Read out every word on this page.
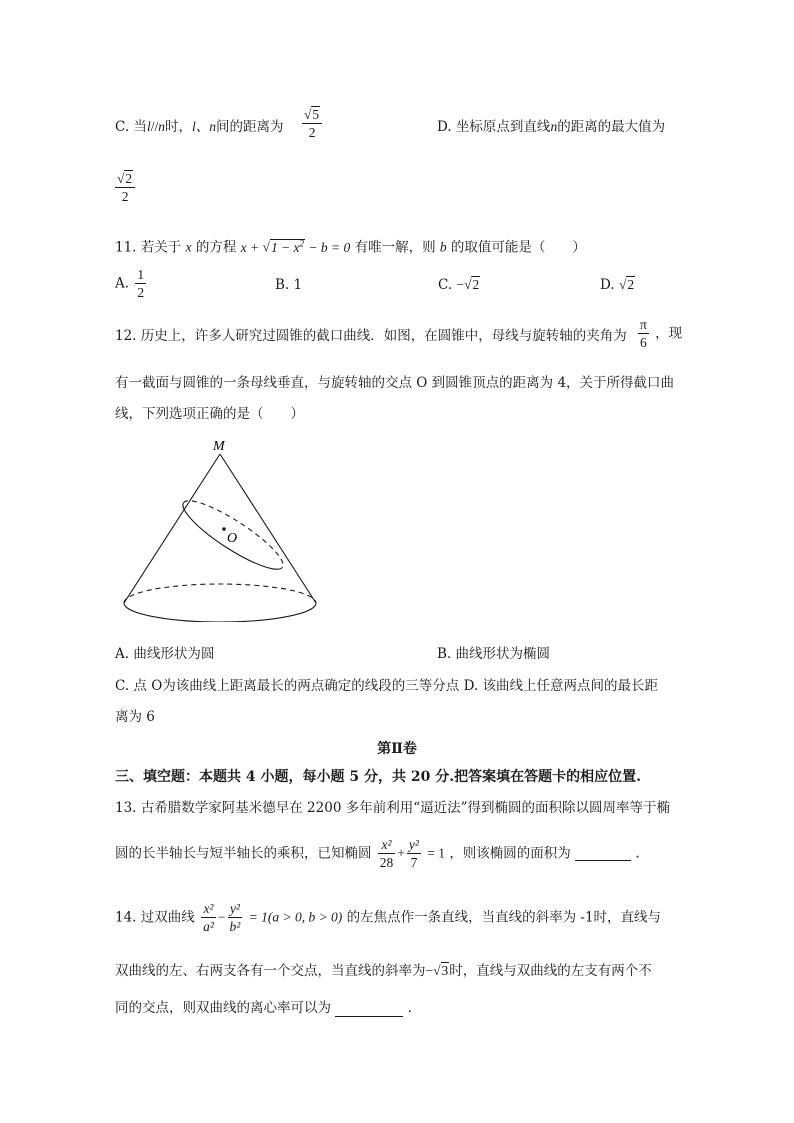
C. 当l//n时，l、n间的距离为 $\frac{√5}{2}$	D. 坐标原点到直线n的距离的最大值为
$\frac{√2}{2}$
11. 若关于 x 的方程 $x + √1 - x^2 - b = 0$ 有唯一解，则 b 的取值可能是（　　）
A. $\frac{1}{2}$	B. 1	C. −√2	D. √2
12. 历史上，许多人研究过圆锥的截口曲线．如图，在圆锥中，母线与旋转轴的夹角为 $\frac{\pi}{6}$ ，现
有一截面与圆锥的一条母线垂直，与旋转轴的交点 O 到圆锥顶点的距离为 4，关于所得截口曲
线，下列选项正确的是（　　）
M
O
A. 曲线形状为圆	B. 曲线形状为椭圆
C. 点 O为该曲线上距离最长的两点确定的线段的三等分点 D. 该曲线上任意两点间的最长距
离为 6
第Ⅱ卷
三、填空题：本题共 4 小题，每小题 5 分，共 20 分.把答案填在答题卡的相应位置.
13. 古希腊数学家阿基米德早在 2200 多年前利用“逼近法”得到椭圆的面积除以圆周率等于椭
圆的长半轴长与短半轴长的乘积，已知椭圆 $\frac{\text{x²}}{28} + \frac{\text{y²}}{7} = 1$ ，则该椭圆的面积为	.
14. 过双曲线 $\frac{\text{x²}}{\text{a²}} - \frac{\text{y²}}{\text{b²}} = 1(a > 0$, b > 0) 的左焦点作一条直线，当直线的斜率为 -1时，直线与
双曲线的左、右两支各有一个交点，当直线的斜率为−√3时，直线与双曲线的左支有两个不
同的交点，则双曲线的离心率可以为	.
